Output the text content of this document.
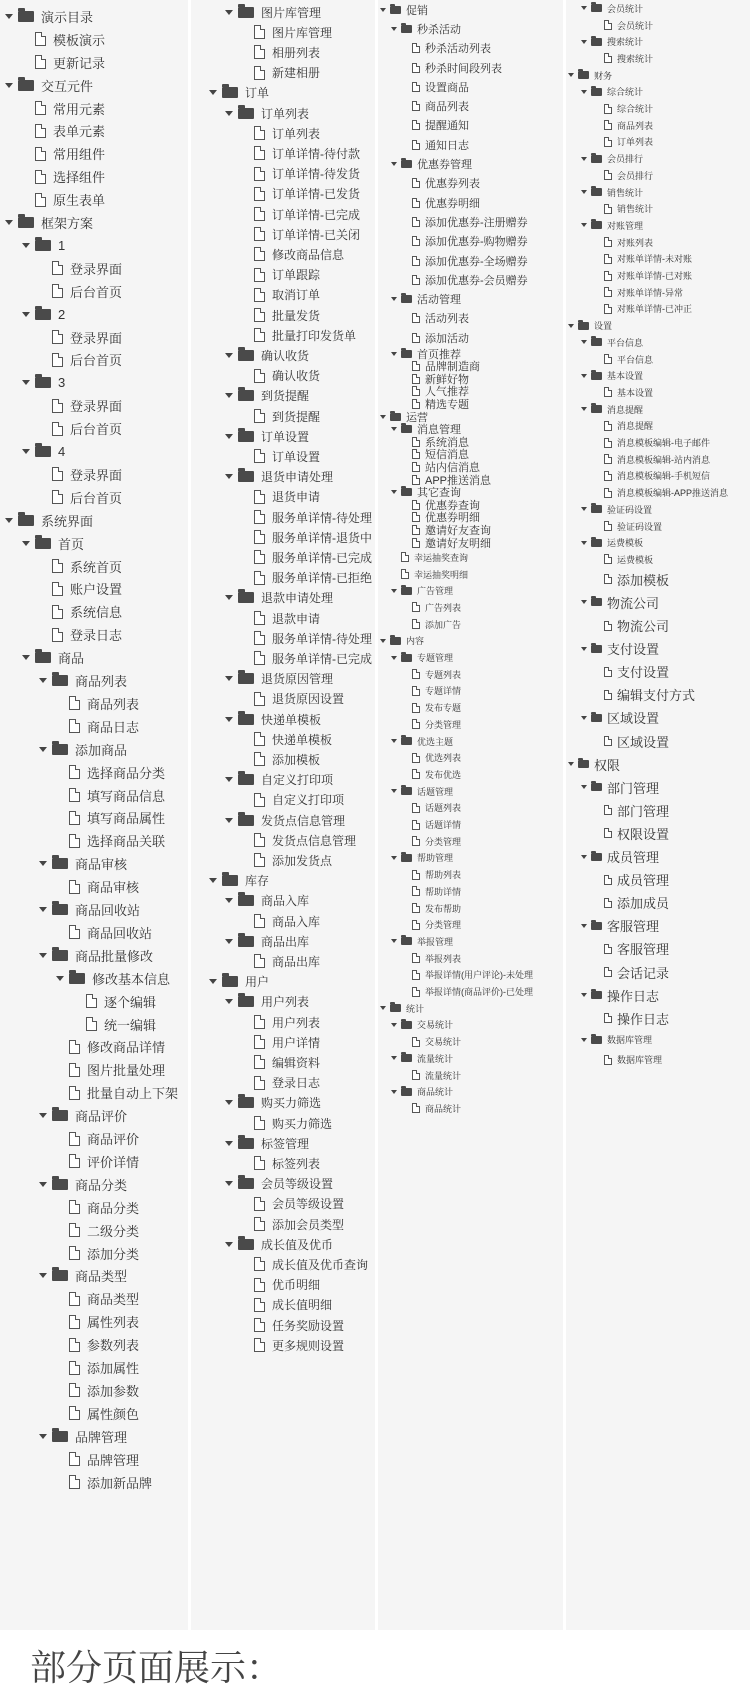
演示目录
模板演示
更新记录
交互元件
常用元素
表单元素
常用组件
选择组件
原生表单
框架方案
1
登录界面
后台首页
2
登录界面
后台首页
3
登录界面
后台首页
4
登录界面
后台首页
系统界面
首页
系统首页
账户设置
系统信息
登录日志
商品
商品列表
商品列表
商品日志
添加商品
选择商品分类
填写商品信息
填写商品属性
选择商品关联
商品审核
商品审核
商品回收站
商品回收站
商品批量修改
修改基本信息
逐个编辑
统一编辑
修改商品详情
图片批量处理
批量自动上下架
商品评价
商品评价
评价详情
商品分类
商品分类
二级分类
添加分类
商品类型
商品类型
属性列表
参数列表
添加属性
添加参数
属性颜色
品牌管理
品牌管理
添加新品牌
图片库管理
图片库管理
相册列表
新建相册
订单
订单列表
订单列表
订单详情-待付款
订单详情-待发货
订单详情-已发货
订单详情-已完成
订单详情-已关闭
修改商品信息
订单跟踪
取消订单
批量发货
批量打印发货单
确认收货
确认收货
到货提醒
到货提醒
订单设置
订单设置
退货申请处理
退货申请
服务单详情-待处理
服务单详情-退货中
服务单详情-已完成
服务单详情-已拒绝
退款申请处理
退款申请
服务单详情-待处理
服务单详情-已完成
退货原因管理
退货原因设置
快递单模板
快递单模板
添加模板
自定义打印项
自定义打印项
发货点信息管理
发货点信息管理
添加发货点
库存
商品入库
商品入库
商品出库
商品出库
用户
用户列表
用户列表
用户详情
编辑资料
登录日志
购买力筛选
购买力筛选
标签管理
标签列表
会员等级设置
会员等级设置
添加会员类型
成长值及优币
成长值及优币查询
优币明细
成长值明细
任务奖励设置
更多规则设置
促销
秒杀活动
秒杀活动列表
秒杀时间段列表
设置商品
商品列表
提醒通知
通知日志
优惠券管理
优惠券列表
优惠券明细
添加优惠券-注册赠券
添加优惠券-购物赠券
添加优惠券-全场赠券
添加优惠券-会员赠券
活动管理
活动列表
添加活动
首页推荐
品牌制造商
新鲜好物
人气推荐
精选专题
运营
消息管理
系统消息
短信消息
站内信消息
APP推送消息
其它查询
优惠券查询
优惠券明细
邀请好友查询
邀请好友明细
幸运抽奖查询
幸运抽奖明细
广告管理
广告列表
添加广告
内容
专题管理
专题列表
专题详情
发布专题
分类管理
优选主题
优选列表
发布优选
话题管理
话题列表
话题详情
分类管理
帮助管理
帮助列表
帮助详情
发布帮助
分类管理
举报管理
举报列表
举报详情(用户评论)-未处理
举报详情(商品评价)-已处理
统计
交易统计
交易统计
流量统计
流量统计
商品统计
商品统计
会员统计
会员统计
搜索统计
搜索统计
财务
综合统计
综合统计
商品列表
订单列表
会员排行
会员排行
销售统计
销售统计
对账管理
对账列表
对账单详情-未对账
对账单详情-已对账
对账单详情-异常
对账单详情-已冲正
设置
平台信息
平台信息
基本设置
基本设置
消息提醒
消息提醒
消息模板编辑-电子邮件
消息模板编辑-站内消息
消息模板编辑-手机短信
消息模板编辑-APP推送消息
验证码设置
验证码设置
运费模板
运费模板
添加模板
物流公司
物流公司
支付设置
支付设置
编辑支付方式
区域设置
区域设置
权限
部门管理
部门管理
权限设置
成员管理
成员管理
添加成员
客服管理
客服管理
会话记录
操作日志
操作日志
数据库管理
数据库管理
部分页面展示：
